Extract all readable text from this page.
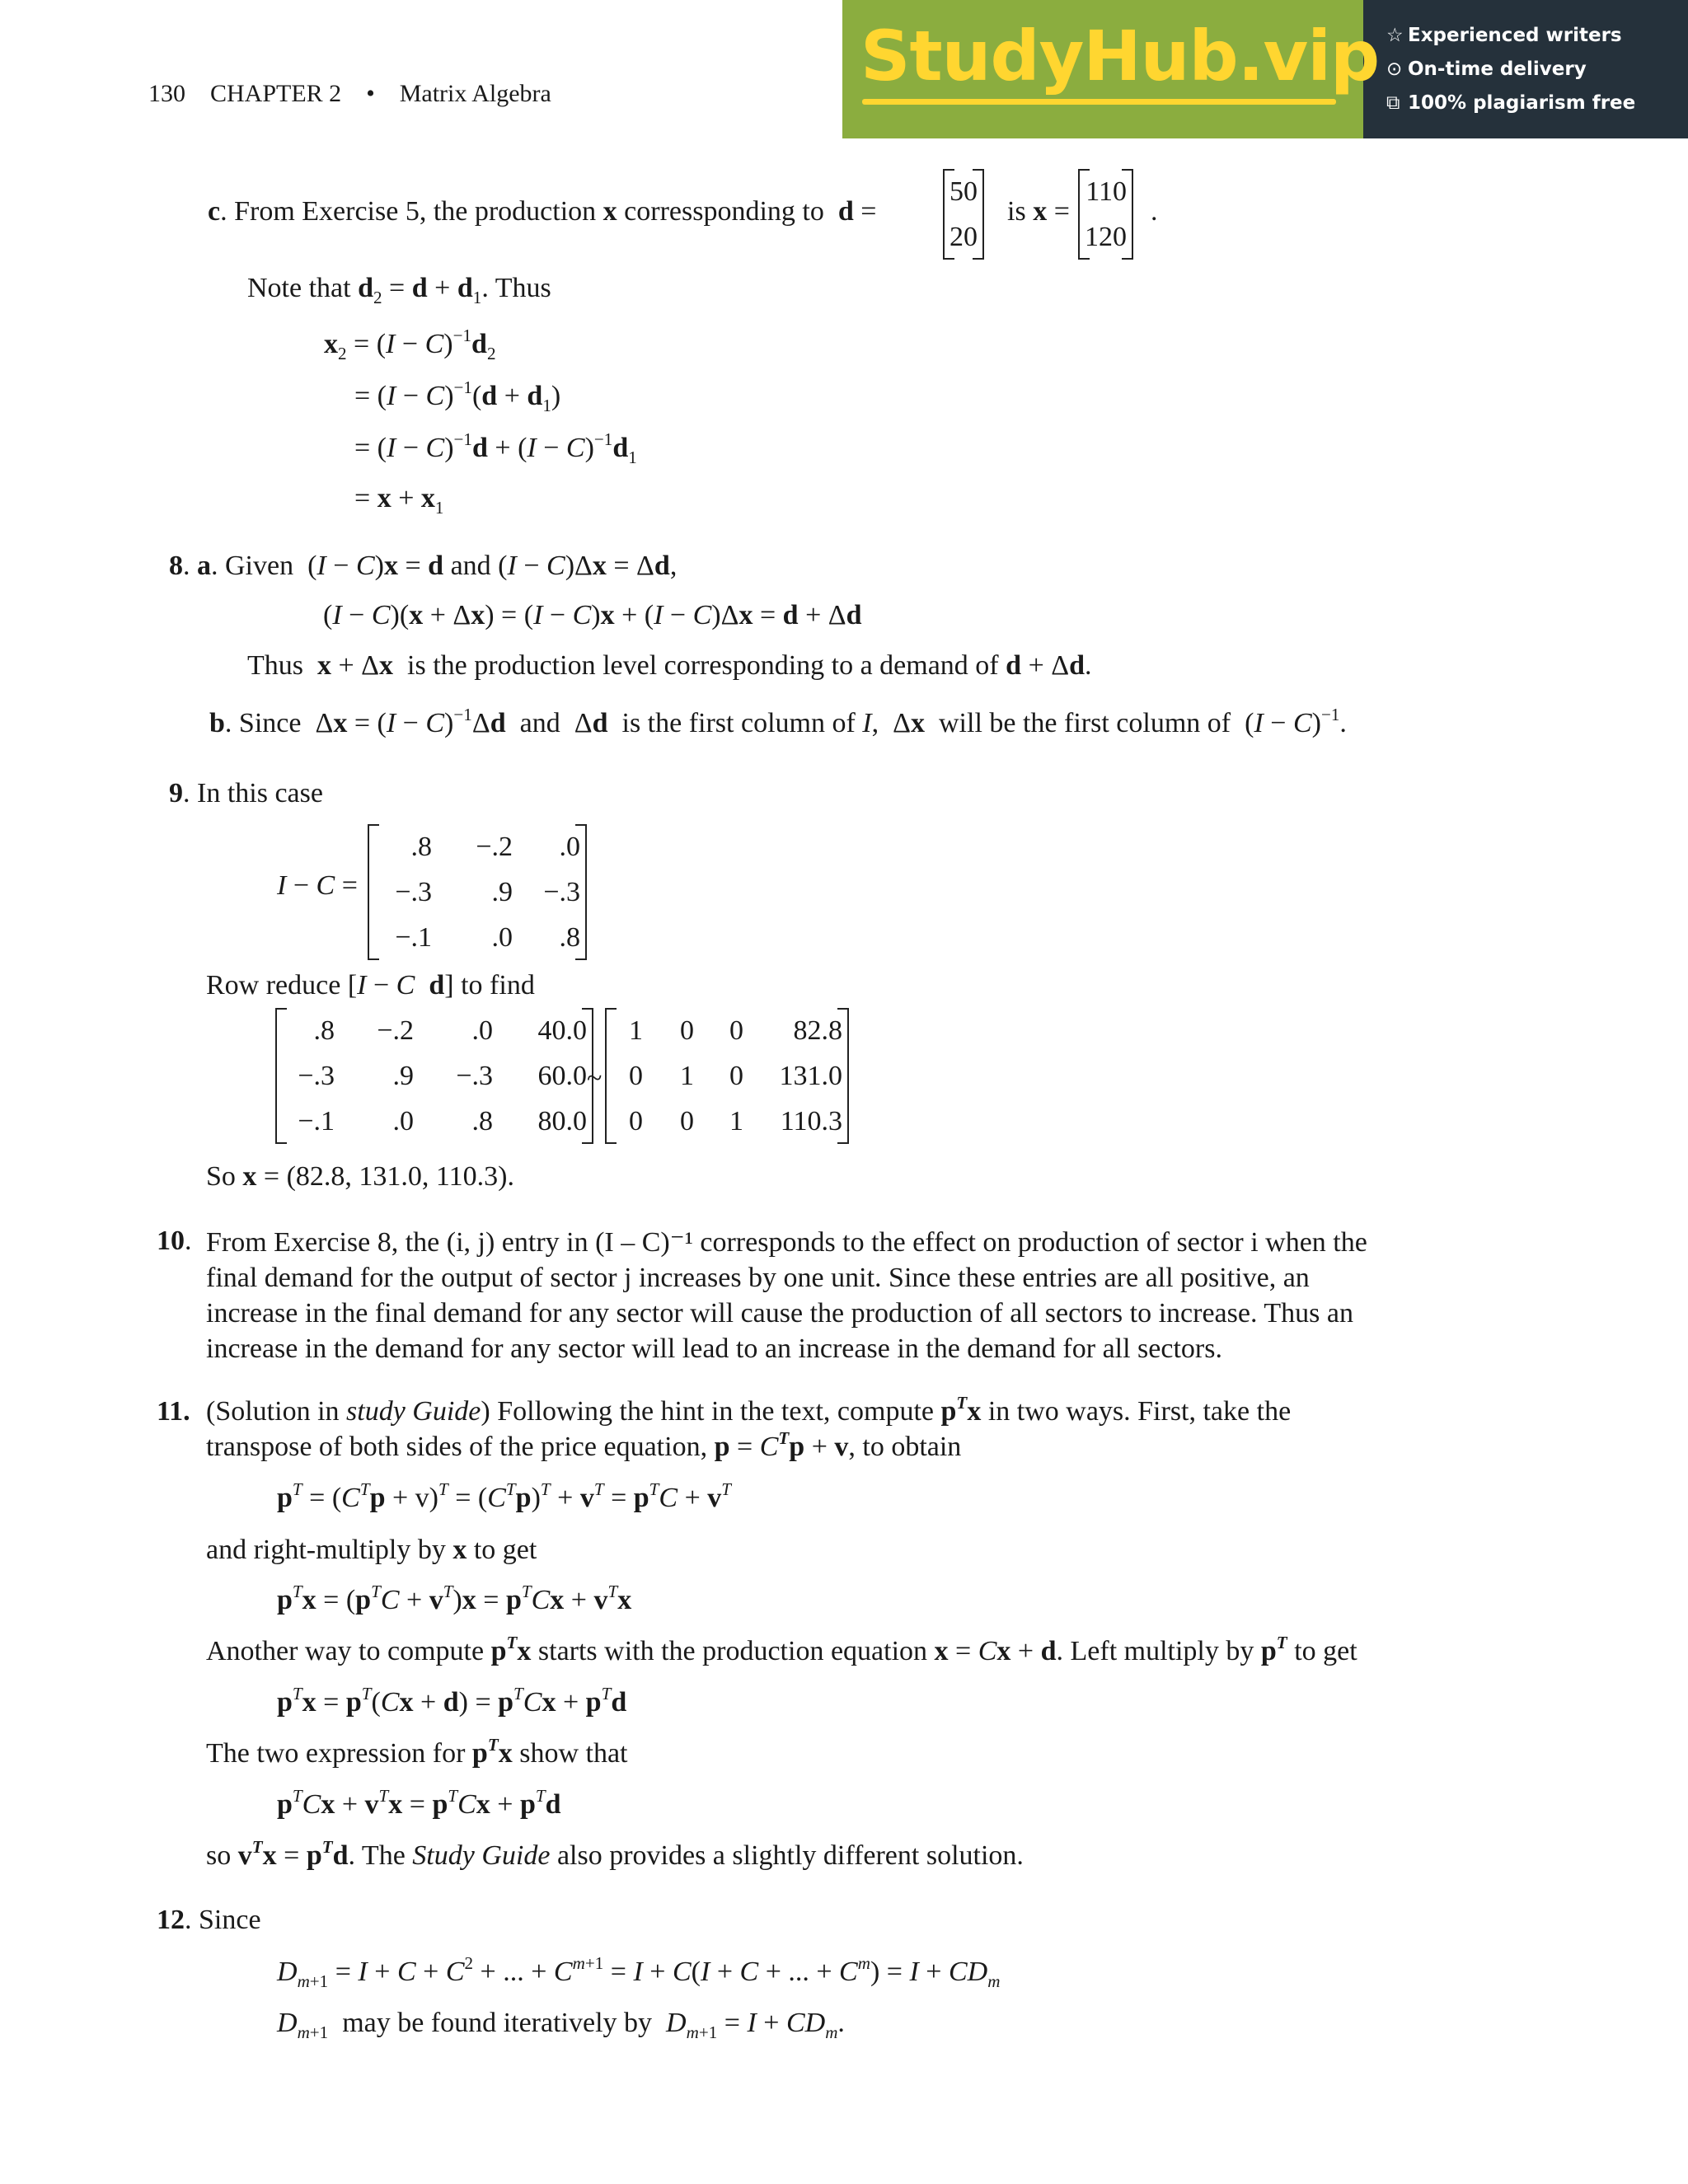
130 CHAPTER 2 • Matrix Algebra	StudyHub.vip ☆ Experienced writers
⊙ On-time delivery
⧉ 100% plagiarism free
c. From Exercise 5, the production x corressponding to d =
50
20
is x =
110
120
.
Note that $d_2 = d + d_1$. Thus
$x_2 = (I - C)^{-1}d_2$
= $(I - C)^{-1}(d + d_1)$
= $(I - C)^{-1}d + (I - C)^{-1}d_1$
= $x + x_1$
8. a. Given  (I − C)x = d and (I − C)Δx = Δd,
(I − C)(x + Δx) = (I − C)x + (I − C)Δx = d + Δd
Thus x + Δx is the production level corresponding to a demand of d + Δd.
b. Since  $\Delta x = (I - C)^{-1}\Delta d$ and  Δd is the first column of I,  Δx will be the first column of  $(I - C)^{-1}$.
9. In this case
I − C =
.8	−.2	.0
−.3	.9	−.3
−.1	.0	.8
Row reduce [I − C d] to find
.8	−.2	.0	40.0
−.3	.9	−.3	60.0
−.1	.0	.8	80.0
~
1	0	0	82.8
0	1	0	131.0
0	0	1	110.3
So x = (82.8, 131.0, 110.3).
10. From Exercise 8, the (i, j) entry in (I – C)⁻¹ corresponds to the effect on production of sector i when the
final demand for the output of sector j increases by one unit. Since these entries are all positive, an
increase in the final demand for any sector will cause the production of all sectors to increase. Thus an
increase in the demand for any sector will lead to an increase in the demand for all sectors.
11. (Solution in study Guide) Following the hint in the text, compute $p^Tx$ in two ways. First, take the
transpose of both sides of the price equation, $p = C^Tp + v$, to obtain
$p^T = (C^Tp + v)^T = (C^Tp)^T + v^T = p^TC + v^T$
and right-multiply by x to get
$p^Tx = (p^TC + v^T)x = p^TCx + v^Tx$
Another way to compute $p^Tx$ starts with the production equation x = Cx + d. Left multiply by $p^T$ to get
$p^Tx = p^T(Cx + d) = p^TCx + p^Td$
The two expression for $p^Tx$ show that
$p^TCx + v^Tx = p^TCx + p^Td$
so $v^Tx = p^Td$. The Study Guide also provides a slightly different solution.
12. Since
$D_{m+1} = I + C + C^2$ + ... + $C^{m+1} = I + C(I + C$ + ... + $C^m) = I + CD_m$
$D_{m+1}$ may be found iteratively by $D_{m+1} = I + CD_m$.
